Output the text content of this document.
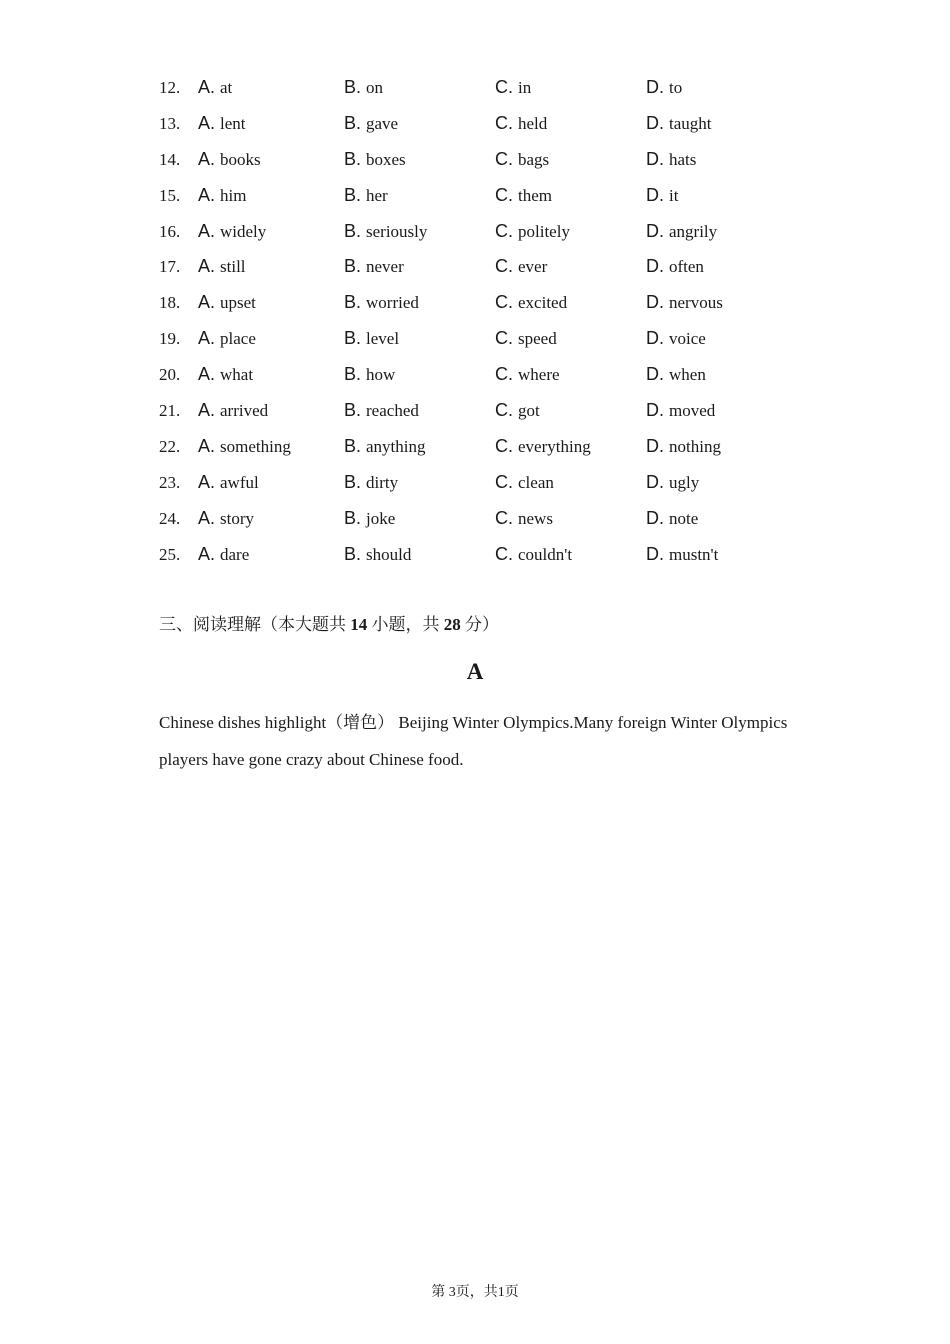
12. A. at	B. on	C. in	D. to
13. A. lent	B. gave	C. held	D. taught
14. A. books	B. boxes	C. bags	D. hats
15. A. him	B. her	C. them	D. it
16. A. widely	B. seriously	C. politely	D. angrily
17. A. still	B. never	C. ever	D. often
18. A. upset	B. worried	C. excited	D. nervous
19. A. place	B. level	C. speed	D. voice
20. A. what	B. how	C. where	D. when
21. A. arrived	B. reached	C. got	D. moved
22. A. something	B. anything	C. everything	D. nothing
23. A. awful	B. dirty	C. clean	D. ugly
24. A. story	B. joke	C. news	D. note
25. A. dare	B. should	C. couldn't	D. mustn't
三、阅读理解（本大题共 14 小题，共 28 分）
A
Chinese dishes highlight（增色） Beijing Winter Olympics.Many foreign Winter Olympics players have gone crazy about Chinese food.
第 3页，共1页
